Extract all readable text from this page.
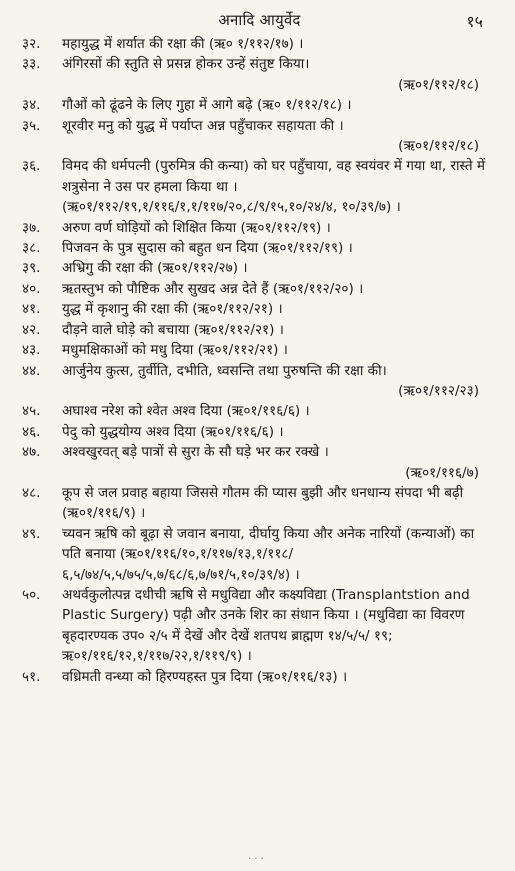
अनादि आयुर्वेद	१५
३२.	महायुद्ध में शर्यात की रक्षा की (ऋ० १/११२/१७) ।
३३.	अंगिरसों की स्तुति से प्रसन्न होकर उन्हें संतुष्ट किया।
(ऋ०१/११२/१८)
३४.	गौओं को ढूंढने के लिए गुहा में आगे बढ़े (ऋ० १/११२/१८) ।
३५.	शूरवीर मनु को युद्ध में पर्याप्त अन्न पहुँचाकर सहायता की ।
(ऋ०१/११२/१८)
३६.	विमद की धर्मपत्नी (पुरुमित्र की कन्या) को घर पहुँचाया, वह स्वयंवर में गया था, रास्ते में शत्रुसेना ने उस पर हमला किया था । (ऋ०१/११२/१९,१/११६/१,१/११७/२०,८/९/१५,१०/२४/४, १०/३९/७) ।
३७.	अरुण वर्ण घोड़ियों को शिक्षित किया (ऋ०१/११२/१९) ।
३८.	पिजवन के पुत्र सुदास को बहुत धन दिया (ऋ०१/११२/१९) ।
३९.	अभ्रिगु की रक्षा की (ऋ०१/११२/२७) ।
४०.	ऋतस्तुभ को पौष्टिक और सुखद अन्न देते हैं (ऋ०१/११२/२०) ।
४१.	युद्ध में कृशानु की रक्षा की (ऋ०१/११२/२१) ।
४२.	दौड़ने वाले घोड़े को बचाया (ऋ०१/११२/२१) ।
४३.	मधुमक्षिकाओं को मधु दिया (ऋ०१/११२/२१) ।
४४.	आर्जुनेय कुत्स, तुर्वीति, दभीति, ध्वसन्ति तथा पुरुषन्ति की रक्षा की।
(ऋ०१/११२/२३)
४५.	अघाश्व नरेश को श्वेत अश्व दिया (ऋ०१/११६/६) ।
४६.	पेदु को युद्धयोग्य अश्व दिया (ऋ०१/११६/६) ।
४७.	अश्वखुरवत् बड़े पात्रों से सुरा के सौ घड़े भर कर रक्खे ।
(ऋ०१/११६/७)
४८.	कूप से जल प्रवाह बहाया जिससे गौतम की प्यास बुझी और धनधान्य संपदा भी बढ़ी (ऋ०१/११६/९) ।
४९.	च्यवन ऋषि को बूढ़ा से जवान बनाया, दीर्घायु किया और अनेक नारियों (कन्याओं) का पति बनाया (ऋ०१/११६/१०,१/११७/१३,१/११८/ ६,५/७४/५,५/७५/५,७/६८/६,७/७१/५,१०/३९/४) ।
५०.	अथर्वकुलोत्पन्न दधीची ऋषि से मधुविद्या और कक्ष्यविद्या (Transplantstion and Plastic Surgery) पढ़ी और उनके शिर का संधान किया । (मधुविद्या का विवरण बृहदारण्यक उप० २/५ में देखें और देखें शतपथ ब्राह्मण १४/५/५/ १९; ऋ०१/११६/१२,१/११७/२२,१/११९/९) ।
५१.	वध्रिमती वन्ध्या को हिरण्यहस्त पुत्र दिया (ऋ०१/११६/१३) ।
· · ·
